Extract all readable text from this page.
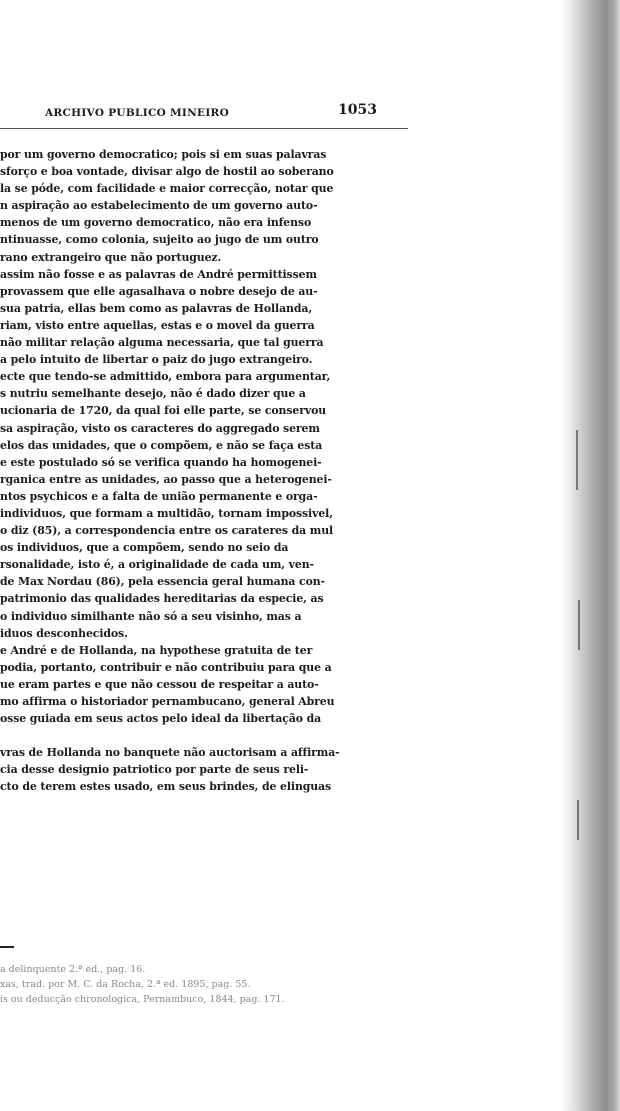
ARCHIVO PUBLICO MINEIRO	1053
por um governo democratico; pois si em suas palavras
sforço e boa vontade, divisar algo de hostil ao soberano
la se póde, com facilidade e maior correcção, notar que
n aspiração ao estabelecimento de um governo auto-
menos de um governo democratico, não era infenso
ntinuasse, como colonia, sujeito ao jugo de um outro
rano extrangeiro que não portuguez.
assim não fosse e as palavras de André permittissem
provassem que elle agasalhava o nobre desejo de au-
sua patria, ellas bem como as palavras de Hollanda,
riam, visto entre aquellas, estas e o movel da guerra
não militar relação alguma necessaria, que tal guerra
a pelo intuito de libertar o paiz do jugo extrangeiro.
ecte que tendo-se admittido, embora para argumentar,
s nutriu semelhante desejo, não é dado dizer que a
ucionaria de 1720, da qual foi elle parte, se conservou
sa aspiração, visto os caracteres do aggregado serem
elos das unidades, que o compõem, e não se faça esta
e este postulado só se verifica quando ha homogenei-
rganica entre as unidades, ao passo que a heterogenei-
ntos psychicos e a falta de união permanente e orga-
individuos, que formam a multidão, tornam impossivel,
o diz (85), a correspondencia entre os carateres da mul
os individuos, que a compõem, sendo no seio da
rsonalidade, isto é, a originalidade de cada um, ven-
de Max Nordau (86), pela essencia geral humana con-
patrimonio das qualidades hereditarias da especie, as
o individuo similhante não só a seu visinho, mas a
iduos desconhecidos.
e André e de Hollanda, na hypothese gratuita de ter
podia, portanto, contribuir e não contribuiu para que a
ue eram partes e que não cessou de respeitar a auto-
mo affirma o historiador pernambucano, general Abreu
osse guiada em seus actos pelo ideal da libertação da
vras de Hollanda no banquete não auctorisam a affirma-
cia desse designio patriotico por parte de seus reli-
cto de terem estes usado, em seus brindes, de elinguas
a delinquente 2.ª ed., pag. 16.
xas, trad. por M. C. da Rocha, 2.ª ed. 1895, pag. 55.
is ou deducção chronologica, Pernambuco, 1844, pag. 171.
